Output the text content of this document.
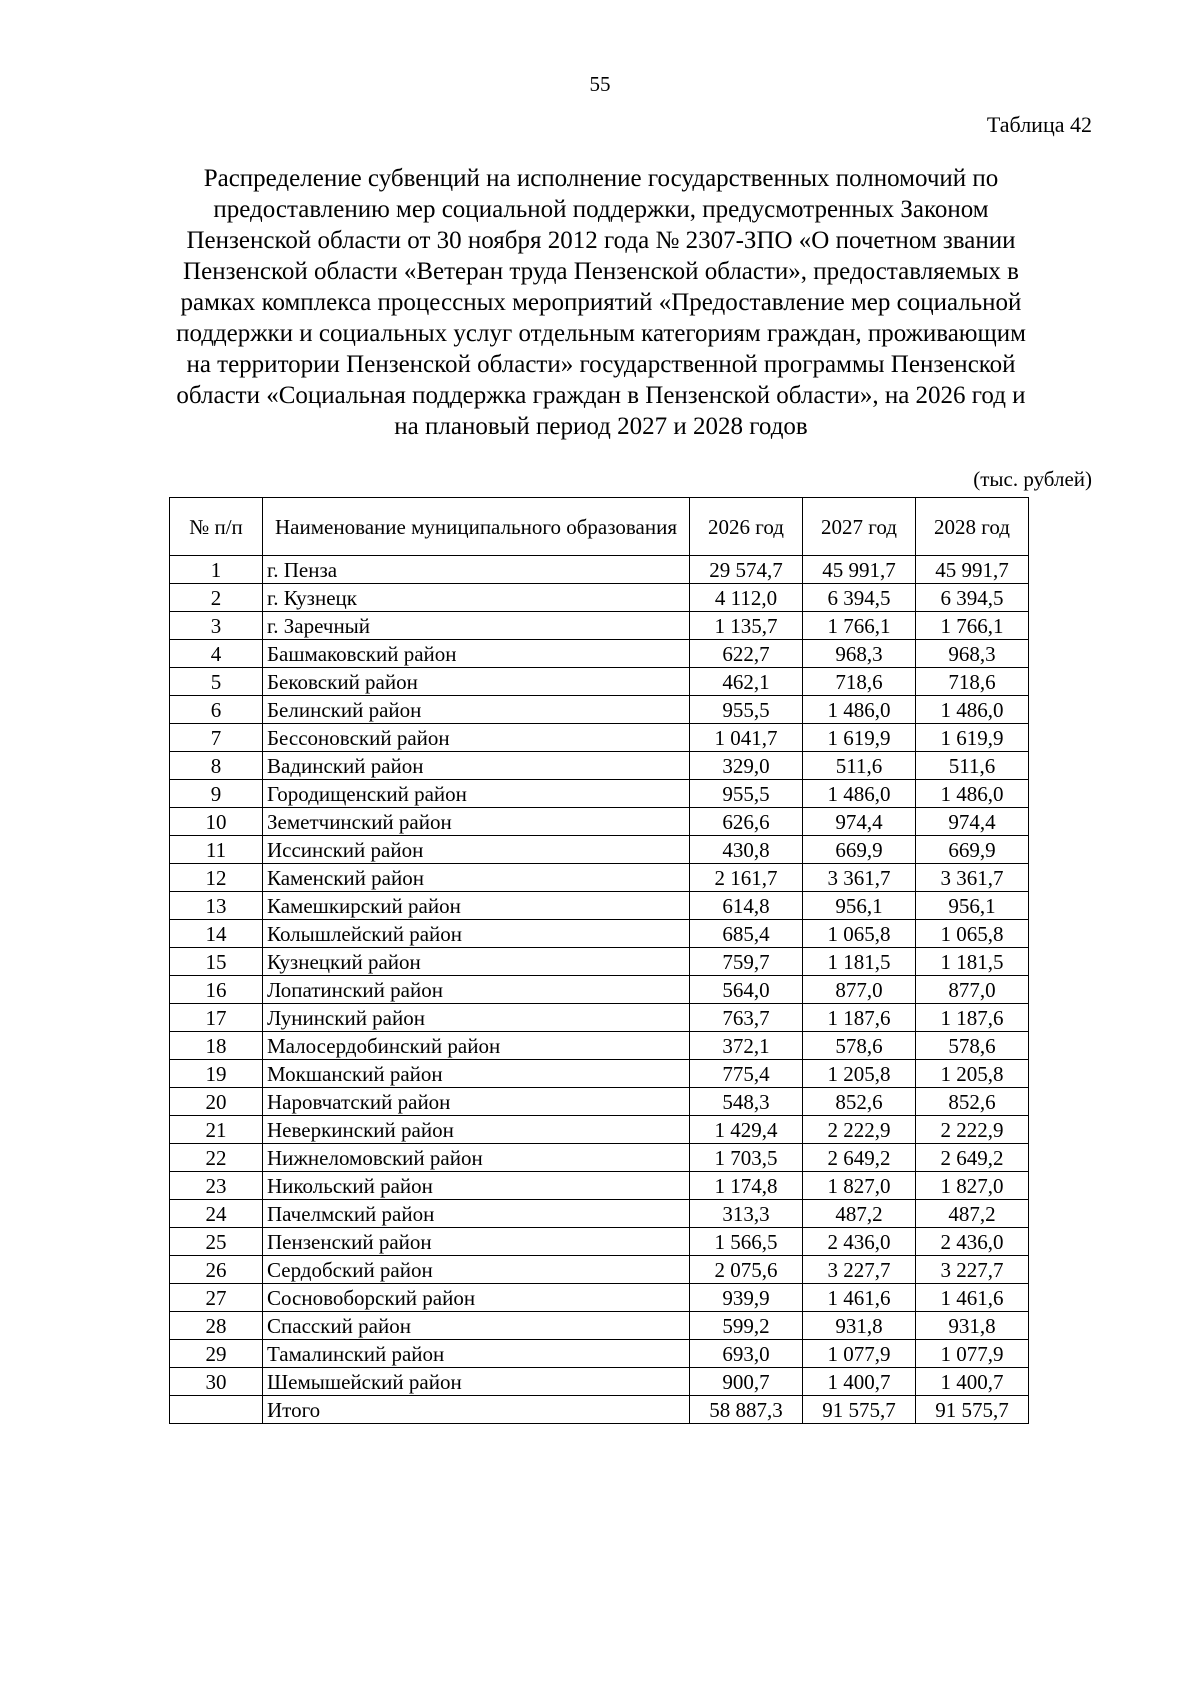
55
Таблица 42
Распределение субвенций на исполнение государственных полномочий по
предоставлению мер социальной поддержки, предусмотренных Законом
Пензенской области от 30 ноября 2012 года № 2307-ЗПО «О почетном звании
Пензенской области «Ветеран труда Пензенской области», предоставляемых в
рамках комплекса процессных мероприятий «Предоставление мер социальной
поддержки и социальных услуг отдельным категориям граждан, проживающим
на территории Пензенской области» государственной программы Пензенской
области «Социальная поддержка граждан в Пензенской области», на 2026 год и
на плановый период 2027 и 2028 годов
(тыс. рублей)
№ п/п	Наименование муниципального образования	2026 год	2027 год	2028 год
1	г. Пенза	29 574,7	45 991,7	45 991,7
2	г. Кузнецк	4 112,0	6 394,5	6 394,5
3	г. Заречный	1 135,7	1 766,1	1 766,1
4	Башмаковский район	622,7	968,3	968,3
5	Бековский район	462,1	718,6	718,6
6	Белинский район	955,5	1 486,0	1 486,0
7	Бессоновский район	1 041,7	1 619,9	1 619,9
8	Вадинский район	329,0	511,6	511,6
9	Городищенский район	955,5	1 486,0	1 486,0
10	Земетчинский район	626,6	974,4	974,4
11	Иссинский район	430,8	669,9	669,9
12	Каменский район	2 161,7	3 361,7	3 361,7
13	Камешкирский район	614,8	956,1	956,1
14	Колышлейский район	685,4	1 065,8	1 065,8
15	Кузнецкий район	759,7	1 181,5	1 181,5
16	Лопатинский район	564,0	877,0	877,0
17	Лунинский район	763,7	1 187,6	1 187,6
18	Малосердобинский район	372,1	578,6	578,6
19	Мокшанский район	775,4	1 205,8	1 205,8
20	Наровчатский район	548,3	852,6	852,6
21	Неверкинский район	1 429,4	2 222,9	2 222,9
22	Нижнеломовский район	1 703,5	2 649,2	2 649,2
23	Никольский район	1 174,8	1 827,0	1 827,0
24	Пачелмский район	313,3	487,2	487,2
25	Пензенский район	1 566,5	2 436,0	2 436,0
26	Сердобский район	2 075,6	3 227,7	3 227,7
27	Сосновоборский район	939,9	1 461,6	1 461,6
28	Спасский район	599,2	931,8	931,8
29	Тамалинский район	693,0	1 077,9	1 077,9
30	Шемышейский район	900,7	1 400,7	1 400,7
	Итого	58 887,3	91 575,7	91 575,7
